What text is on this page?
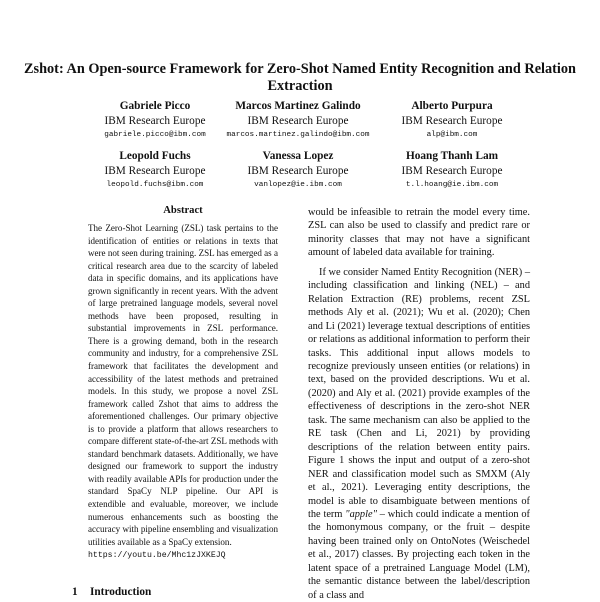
Zshot: An Open-source Framework for Zero-Shot Named Entity Recognition and Relation Extraction
Gabriele Picco
IBM Research Europe
gabriele.picco@ibm.com
Marcos Martinez Galindo
IBM Research Europe
marcos.martinez.galindo@ibm.com
Alberto Purpura
IBM Research Europe
alp@ibm.com
Leopold Fuchs
IBM Research Europe
leopold.fuchs@ibm.com
Vanessa Lopez
IBM Research Europe
vanlopez@ie.ibm.com
Hoang Thanh Lam
IBM Research Europe
t.l.hoang@ie.ibm.com
Abstract

The Zero-Shot Learning (ZSL) task pertains to the identification of entities or relations in texts that were not seen during training. ZSL has emerged as a critical research area due to the scarcity of labeled data in specific domains, and its applications have grown significantly in recent years. With the advent of large pretrained language models, several novel methods have been proposed, resulting in substantial improvements in ZSL performance. There is a growing demand, both in the research community and industry, for a comprehensive ZSL framework that facilitates the development and accessibility of the latest methods and pretrained models. In this study, we propose a novel ZSL framework called Zshot that aims to address the aforementioned challenges. Our primary objective is to provide a platform that allows researchers to compare different state-of-the-art ZSL methods with standard benchmark datasets. Additionally, we have designed our framework to support the industry with readily available APIs for production under the standard SpaCy NLP pipeline. Our API is extendible and evaluable, moreover, we include numerous enhancements such as boosting the accuracy with pipeline ensembling and visualization utilities available as a SpaCy extension.
https://youtu.be/Mhc1zJXKEJQ

1 Introduction

would be infeasible to retrain the model every time. ZSL can also be used to classify and predict rare or minority classes that may not have a significant amount of labeled data available for training.

If we consider Named Entity Recognition (NER) – including classification and linking (NEL) – and Relation Extraction (RE) problems, recent ZSL methods Aly et al. (2021); Wu et al. (2020); Chen and Li (2021) leverage textual descriptions of entities or relations as additional information to perform their tasks. This additional input allows models to recognize previously unseen entities (or relations) in text, based on the provided descriptions. Wu et al. (2020) and Aly et al. (2021) provide examples of the effectiveness of descriptions in the zero-shot NER task. The same mechanism can also be applied to the RE task (Chen and Li, 2021) by providing descriptions of the relation between entity pairs. Figure 1 shows the input and output of a zero-shot NER and classification model such as SMXM (Aly et al., 2021). Leveraging entity descriptions, the model is able to disambiguate between mentions of the term "apple" – which could indicate a mention of the homonymous company, or the fruit – despite having been trained only on OntoNotes (Weischedel et al., 2017) classes. By projecting each token in the latent space of a pretrained Language Model (LM), the semantic distance between the label/description of a class and
